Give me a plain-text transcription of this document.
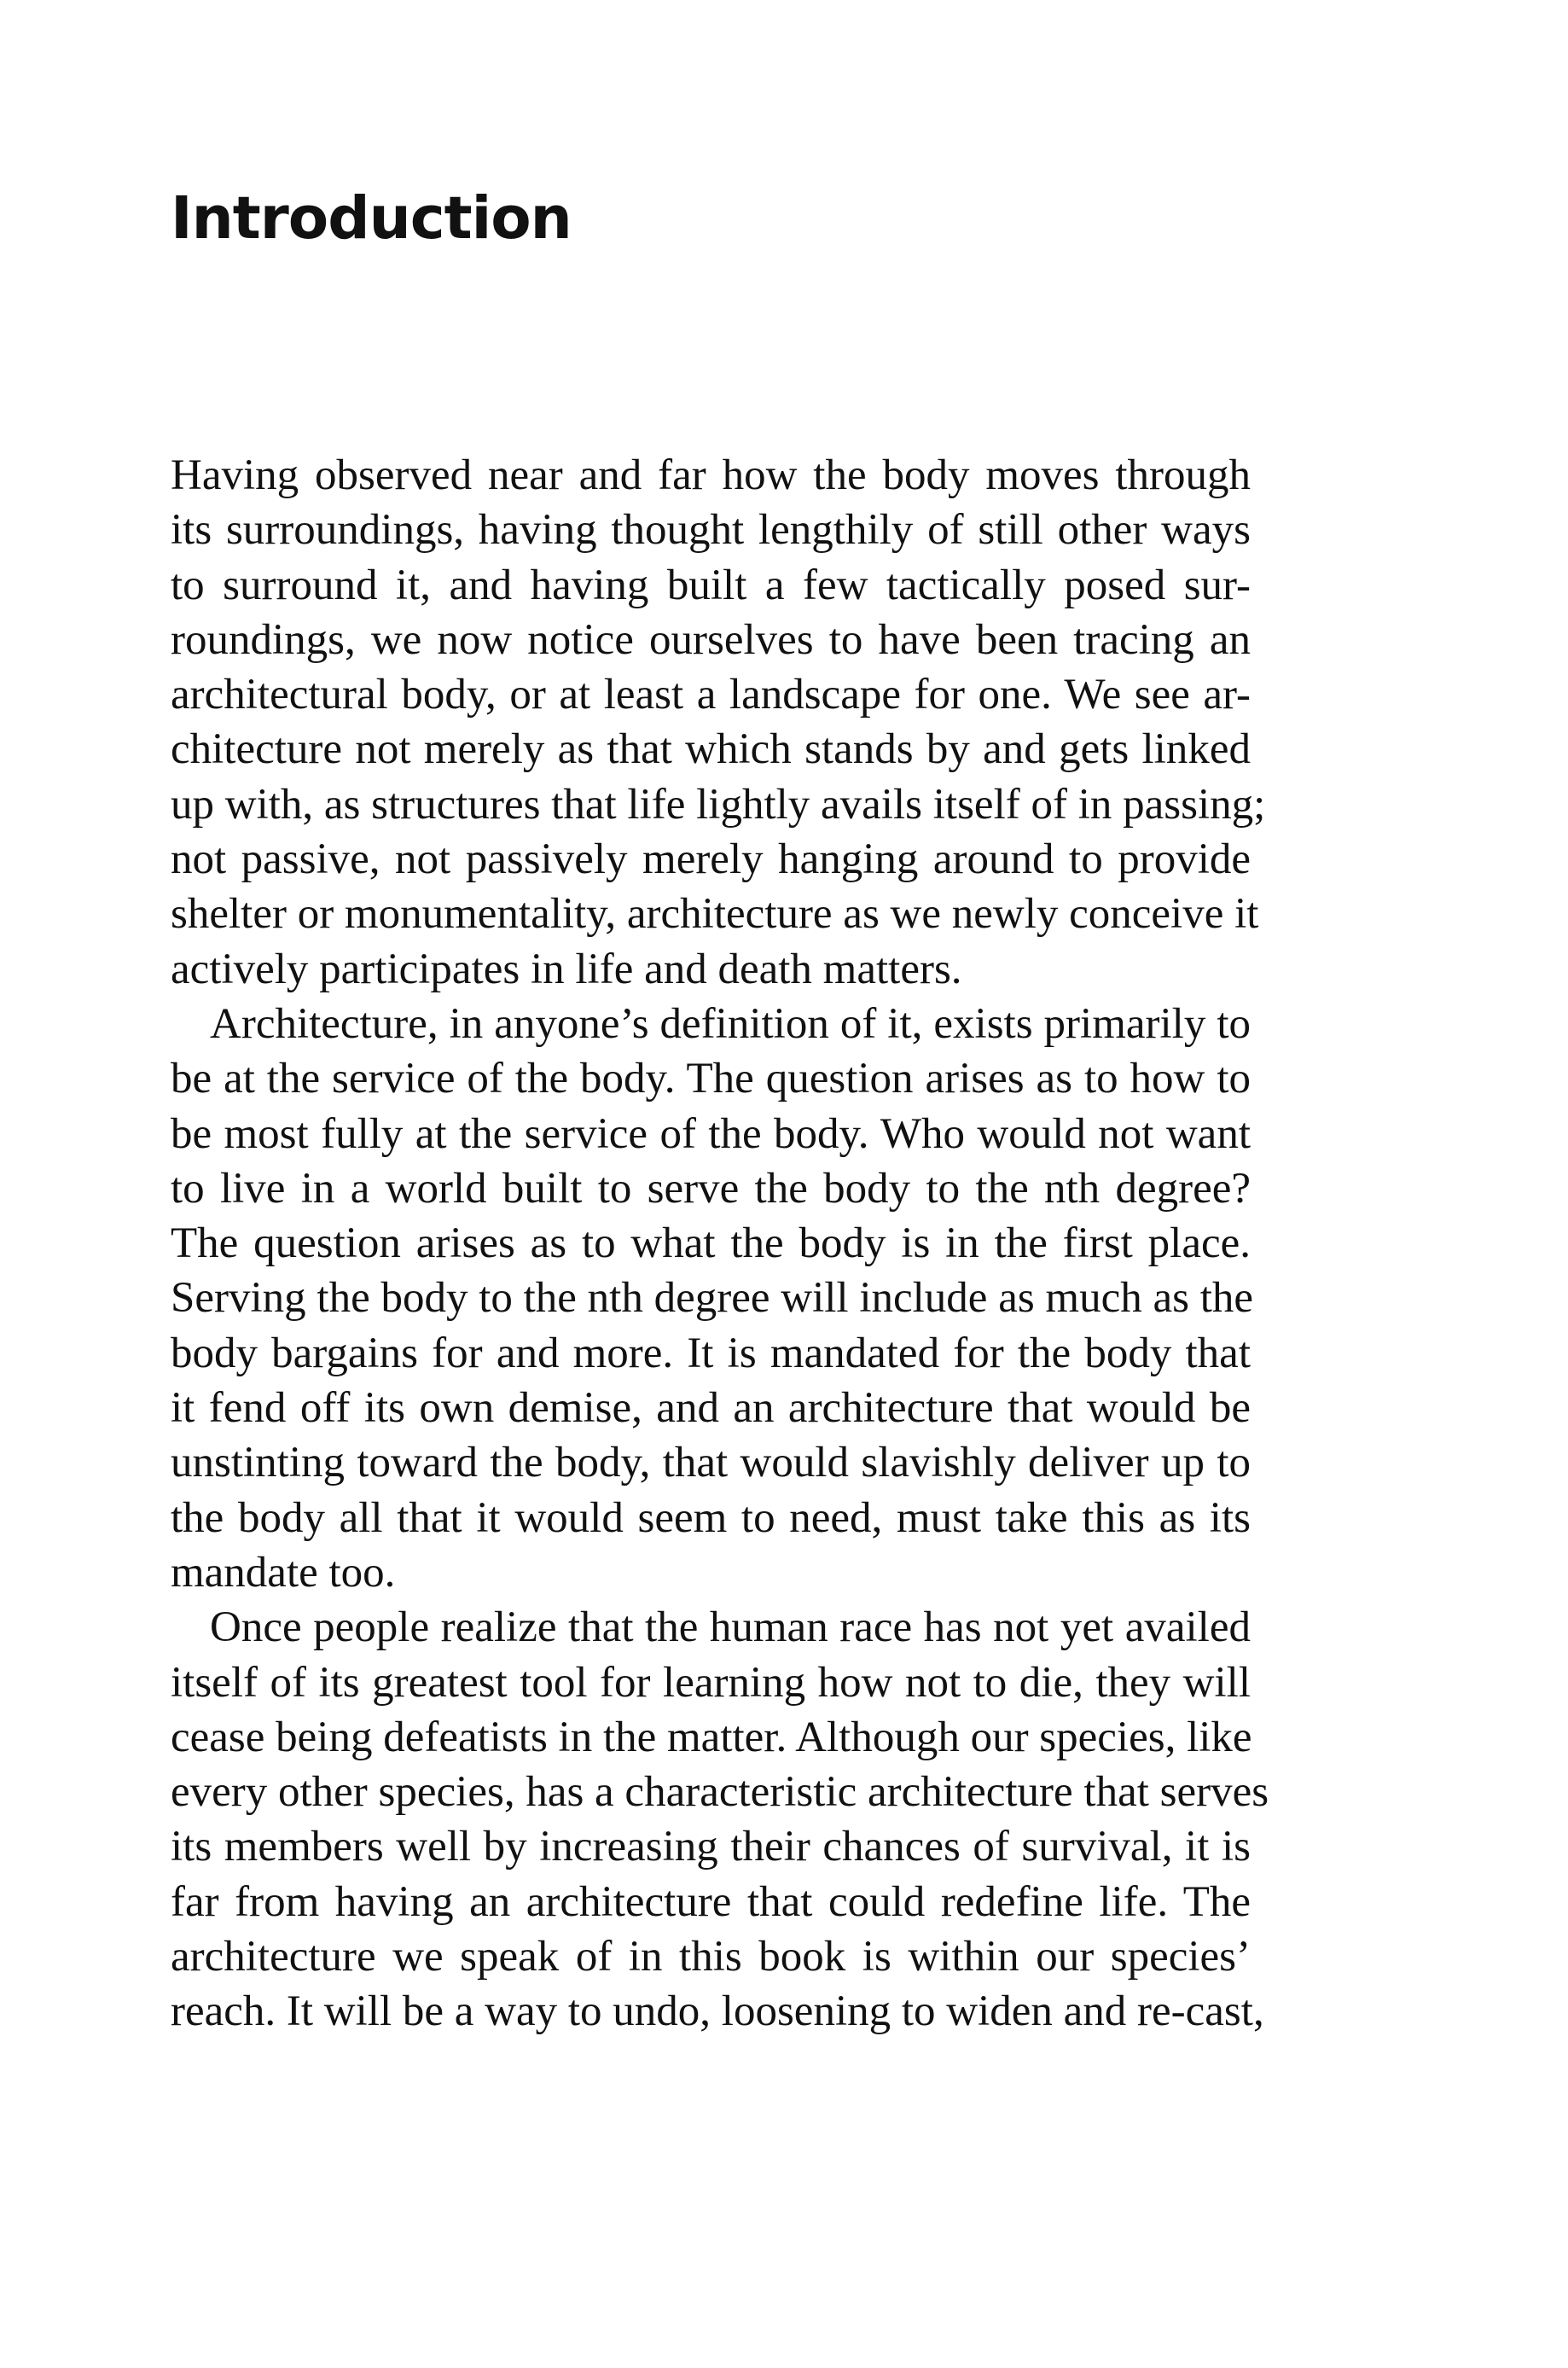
Introduction
Having observed near and far how the body moves through
its surroundings, having thought lengthily of still other ways
to surround it, and having built a few tactically posed sur-
roundings, we now notice ourselves to have been tracing an
architectural body, or at least a landscape for one. We see ar-
chitecture not merely as that which stands by and gets linked
up with, as structures that life lightly avails itself of in passing;
not passive, not passively merely hanging around to provide
shelter or monumentality, architecture as we newly conceive it
actively participates in life and death matters.
Architecture, in anyone’s definition of it, exists primarily to
be at the service of the body. The question arises as to how to
be most fully at the service of the body. Who would not want
to live in a world built to serve the body to the nth degree?
The question arises as to what the body is in the first place.
Serving the body to the nth degree will include as much as the
body bargains for and more. It is mandated for the body that
it fend off its own demise, and an architecture that would be
unstinting toward the body, that would slavishly deliver up to
the body all that it would seem to need, must take this as its
mandate too.
Once people realize that the human race has not yet availed
itself of its greatest tool for learning how not to die, they will
cease being defeatists in the matter. Although our species, like
every other species, has a characteristic architecture that serves
its members well by increasing their chances of survival, it is
far from having an architecture that could redefine life. The
architecture we speak of in this book is within our species’
reach. It will be a way to undo, loosening to widen and re-cast,
